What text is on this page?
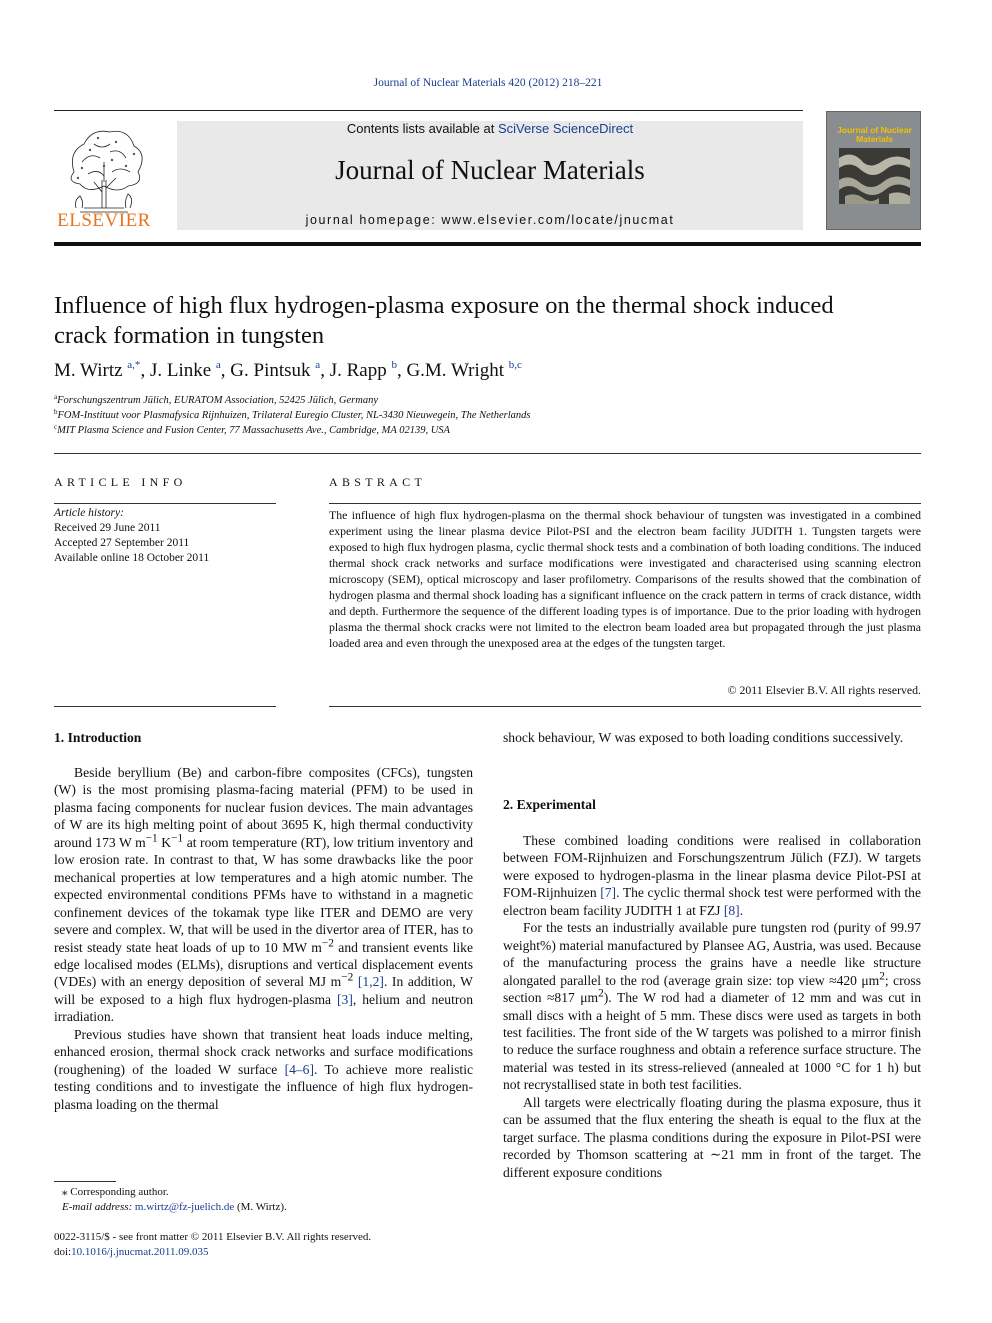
Journal of Nuclear Materials 420 (2012) 218–221
ELSEVIER
Contents lists available at SciVerse ScienceDirect
Journal of Nuclear Materials
journal homepage: www.elsevier.com/locate/jnucmat
Journal of Nuclear Materials
Influence of high flux hydrogen-plasma exposure on the thermal shock induced crack formation in tungsten
M. Wirtz $^{a,*}$, J. Linke $^a$, G. Pintsuk $^a$, J. Rapp $^b$, G.M. Wright $^{b,c}$
$^a$Forschungszentrum Jülich, EURATOM Association, 52425 Jülich, Germany
$^b$FOM-Instituut voor Plasmafysica Rijnhuizen, Trilateral Euregio Cluster, NL-3430 Nieuwegein, The Netherlands
$^c$MIT Plasma Science and Fusion Center, 77 Massachusetts Ave., Cambridge, MA 02139, USA
ARTICLE INFO	ABSTRACT
Article history:
Received 29 June 2011
Accepted 27 September 2011
Available online 18 October 2011
The influence of high flux hydrogen-plasma on the thermal shock behaviour of tungsten was investigated in a combined experiment using the linear plasma device Pilot-PSI and the electron beam facility JUDITH 1. Tungsten targets were exposed to high flux hydrogen plasma, cyclic thermal shock tests and a combination of both loading conditions. The induced thermal shock crack networks and surface modifications were investigated and characterised using scanning electron microscopy (SEM), optical microscopy and laser profilometry. Comparisons of the results showed that the combination of hydrogen plasma and thermal shock loading has a significant influence on the crack pattern in terms of crack distance, width and depth. Furthermore the sequence of the different loading types is of importance. Due to the prior loading with hydrogen plasma the thermal shock cracks were not limited to the electron beam loaded area but propagated through the just plasma loaded area and even through the unexposed area at the edges of the tungsten target.
© 2011 Elsevier B.V. All rights reserved.
1. Introduction

Beside beryllium (Be) and carbon-fibre composites (CFCs), tungsten (W) is the most promising plasma-facing material (PFM) to be used in plasma facing components for nuclear fusion devices. The main advantages of W are its high melting point of about 3695 K, high thermal conductivity around 173 W $m^{-1}$ $K^{-1}$ at room temperature (RT), low tritium inventory and low erosion rate. In contrast to that, W has some drawbacks like the poor mechanical properties at low temperatures and a high atomic number. The expected environmental conditions PFMs have to withstand in a magnetic confinement devices of the tokamak type like ITER and DEMO are very severe and complex. W, that will be used in the divertor area of ITER, has to resist steady state heat loads of up to 10 MW $m^{-2}$ and transient events like edge localised modes (ELMs), disruptions and vertical displacement events (VDEs) with an energy deposition of several MJ $m^{-2}$ [1,2]. In addition, W will be exposed to a high flux hydrogen-plasma [3], helium and neutron irradiation.

Previous studies have shown that transient heat loads induce melting, enhanced erosion, thermal shock crack networks and surface modifications (roughening) of the loaded W surface [4–6]. To achieve more realistic testing conditions and to investigate the influence of high flux hydrogen-plasma loading on the thermal

shock behaviour, W was exposed to both loading conditions successively.

2. Experimental

These combined loading conditions were realised in collaboration between FOM-Rijnhuizen and Forschungszentrum Jülich (FZJ). W targets were exposed to hydrogen-plasma in the linear plasma device Pilot-PSI at FOM-Rijnhuizen [7]. The cyclic thermal shock test were performed with the electron beam facility JUDITH 1 at FZJ [8].

For the tests an industrially available pure tungsten rod (purity of 99.97 weight%) material manufactured by Plansee AG, Austria, was used. Because of the manufacturing process the grains have a needle like structure alongated parallel to the rod (average grain size: top view ≈420 $\mu m^2$; cross section ≈817 $\mu m^2$). The W rod had a diameter of 12 mm and was cut in small discs with a height of 5 mm. These discs were used as targets in both test facilities. The front side of the W targets was polished to a mirror finish to reduce the surface roughness and obtain a reference surface structure. The material was tested in its stress-relieved (annealed at 1000 °C for 1 h) but not recrystallised state in both test facilities.

All targets were electrically floating during the plasma exposure, thus it can be assumed that the flux entering the sheath is equal to the flux at the target surface. The plasma conditions during the exposure in Pilot-PSI were recorded by Thomson scattering at ∼21 mm in front of the target. The different exposure conditions

⁎ Corresponding author.
E-mail address: m.wirtz@fz-juelich.de (M. Wirtz).
0022-3115/$ - see front matter © 2011 Elsevier B.V. All rights reserved.
doi:10.1016/j.jnucmat.2011.09.035
